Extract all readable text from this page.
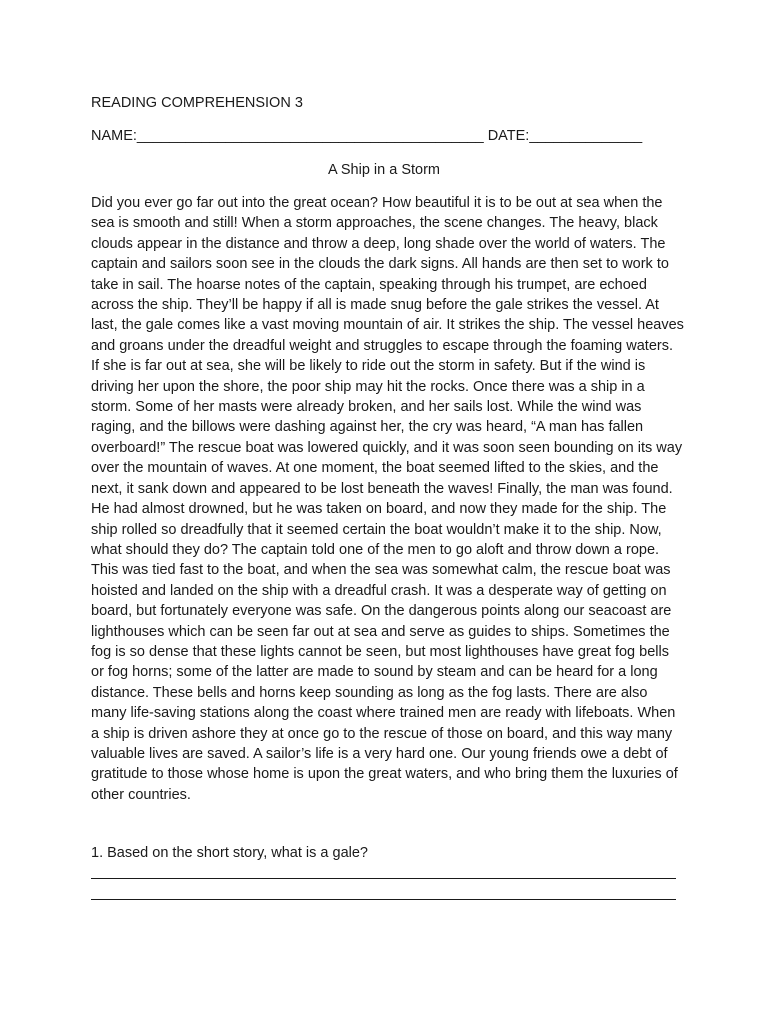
READING COMPREHENSION 3
NAME:___________________________________________ DATE:______________
A Ship in a Storm

Did you ever go far out into the great ocean? How beautiful it is to be out at sea when the sea is smooth and still! When a storm approaches, the scene changes. The heavy, black clouds appear in the distance and throw a deep, long shade over the world of waters. The captain and sailors soon see in the clouds the dark signs. All hands are then set to work to take in sail. The hoarse notes of the captain, speaking through his trumpet, are echoed across the ship. They’ll be happy if all is made snug before the gale strikes the vessel. At last, the gale comes like a vast moving mountain of air. It strikes the ship. The vessel heaves and groans under the dreadful weight and struggles to escape through the foaming waters. If she is far out at sea, she will be likely to ride out the storm in safety. But if the wind is driving her upon the shore, the poor ship may hit the rocks. Once there was a ship in a storm. Some of her masts were already broken, and her sails lost. While the wind was raging, and the billows were dashing against her, the cry was heard, “A man has fallen overboard!” The rescue boat was lowered quickly, and it was soon seen bounding on its way over the mountain of waves. At one moment, the boat seemed lifted to the skies, and the next, it sank down and appeared to be lost beneath the waves! Finally, the man was found. He had almost drowned, but he was taken on board, and now they made for the ship. The ship rolled so dreadfully that it seemed certain the boat wouldn’t make it to the ship. Now, what should they do? The captain told one of the men to go aloft and throw down a rope. This was tied fast to the boat, and when the sea was somewhat calm, the rescue boat was hoisted and landed on the ship with a dreadful crash. It was a desperate way of getting on board, but fortunately everyone was safe. On the dangerous points along our seacoast are lighthouses which can be seen far out at sea and serve as guides to ships. Sometimes the fog is so dense that these lights cannot be seen, but most lighthouses have great fog bells or fog horns; some of the latter are made to sound by steam and can be heard for a long distance. These bells and horns keep sounding as long as the fog lasts. There are also many life-saving stations along the coast where trained men are ready with lifeboats. When a ship is driven ashore they at once go to the rescue of those on board, and this way many valuable lives are saved. A sailor’s life is a very hard one. Our young friends owe a debt of gratitude to those whose home is upon the great waters, and who bring them the luxuries of other countries.

1. Based on the short story, what is a gale?
